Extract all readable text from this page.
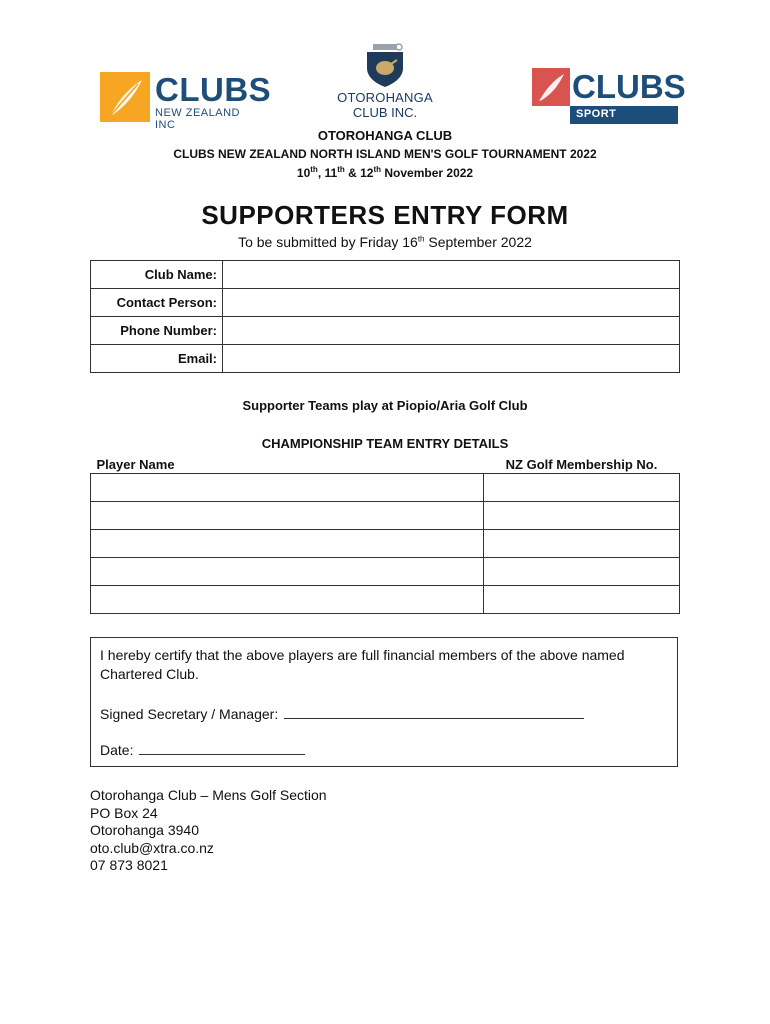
CLUBS
NEW ZEALAND INC
OTOROHANGA
CLUB INC.
CLUBS
SPORT
OTOROHANGA CLUB
CLUBS NEW ZEALAND NORTH ISLAND MEN'S GOLF TOURNAMENT 2022
10th, 11th & 12th November 2022
SUPPORTERS ENTRY FORM
To be submitted by Friday 16th September 2022
Club Name:	
Contact Person:	
Phone Number:	
Email:	
Supporter Teams play at Piopio/Aria Golf Club
CHAMPIONSHIP TEAM ENTRY DETAILS
Player Name	NZ Golf Membership No.

I hereby certify that the above players are full financial members of the above named Chartered Club.
Signed Secretary / Manager:
Date:
Otorohanga Club – Mens Golf Section
PO Box 24
Otorohanga 3940
oto.club@xtra.co.nz
07 873 8021
